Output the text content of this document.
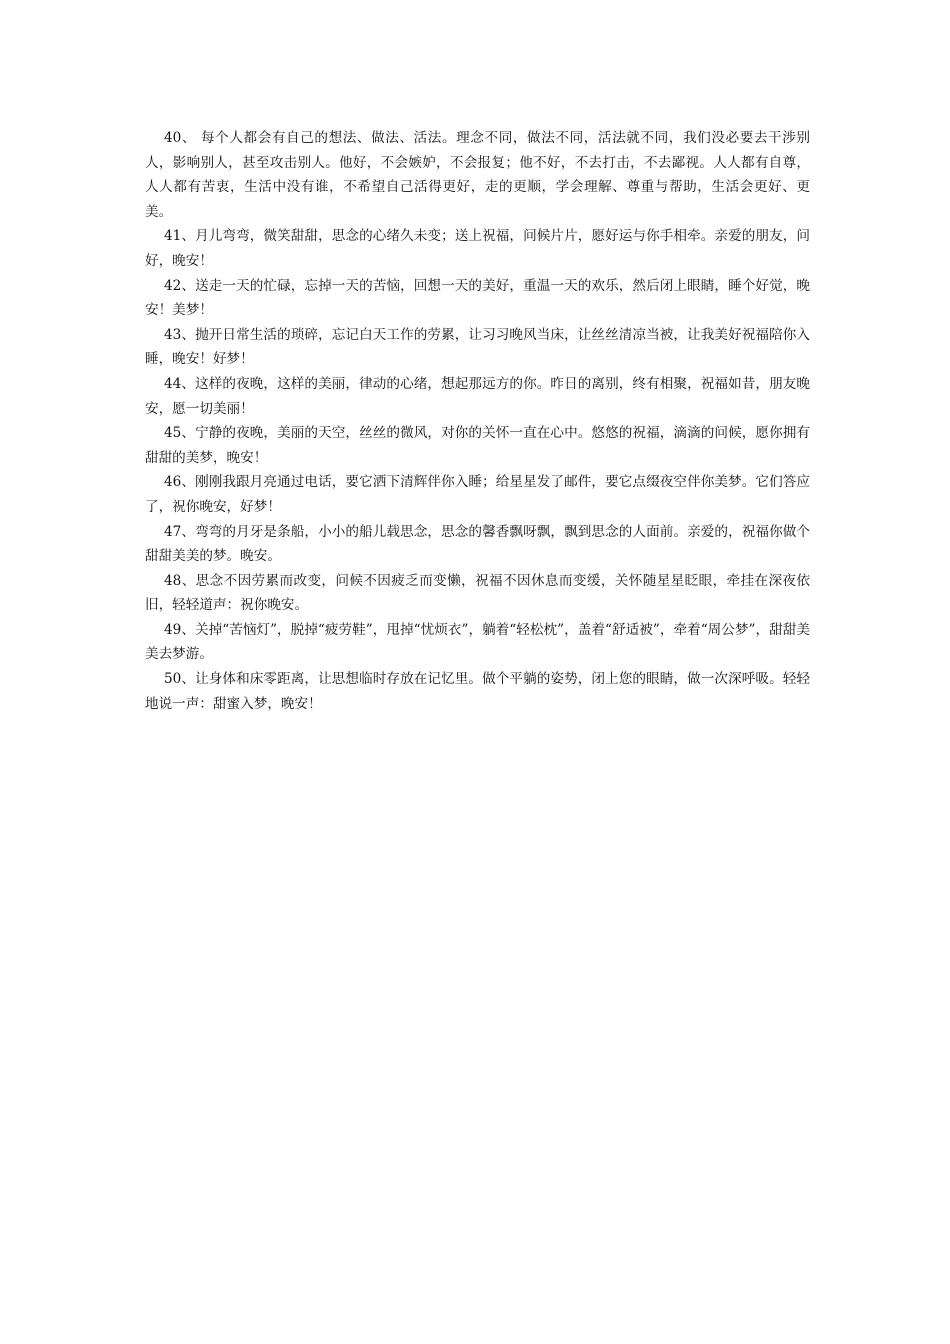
40、 每个人都会有自己的想法、做法、活法。理念不同，做法不同，活法就不同，我们没必要去干涉别人，影响别人，甚至攻击别人。他好，不会嫉妒，不会报复；他不好，不去打击，不去鄙视。人人都有自尊，人人都有苦衷，生活中没有谁，不希望自己活得更好，走的更顺，学会理解、尊重与帮助，生活会更好、更美。

41、月儿弯弯，微笑甜甜，思念的心绪久未变；送上祝福，问候片片，愿好运与你手相牵。亲爱的朋友，问好，晚安！

42、送走一天的忙碌，忘掉一天的苦恼，回想一天的美好，重温一天的欢乐，然后闭上眼睛，睡个好觉，晚安！美梦！

43、抛开日常生活的琐碎，忘记白天工作的劳累，让习习晚风当床，让丝丝清凉当被，让我美好祝福陪你入睡，晚安！好梦！

44、这样的夜晚，这样的美丽，律动的心绪，想起那远方的你。昨日的离别，终有相聚，祝福如昔，朋友晚安，愿一切美丽！

45、宁静的夜晚，美丽的天空，丝丝的微风，对你的关怀一直在心中。悠悠的祝福，滴滴的问候，愿你拥有甜甜的美梦，晚安！

46、刚刚我跟月亮通过电话，要它洒下清辉伴你入睡；给星星发了邮件，要它点缀夜空伴你美梦。它们答应了，祝你晚安，好梦！

47、弯弯的月牙是条船，小小的船儿载思念，思念的馨香飘呀飘，飘到思念的人面前。亲爱的，祝福你做个甜甜美美的梦。晚安。

48、思念不因劳累而改变，问候不因疲乏而变懒，祝福不因休息而变缓，关怀随星星眨眼，牵挂在深夜依旧，轻轻道声：祝你晚安。

49、关掉“苦恼灯”，脱掉“疲劳鞋”，甩掉“忧烦衣”，躺着“轻松枕”，盖着“舒适被”，牵着“周公梦”，甜甜美美去梦游。

50、让身体和床零距离，让思想临时存放在记忆里。做个平躺的姿势，闭上您的眼睛，做一次深呼吸。轻轻地说一声：甜蜜入梦，晚安！
